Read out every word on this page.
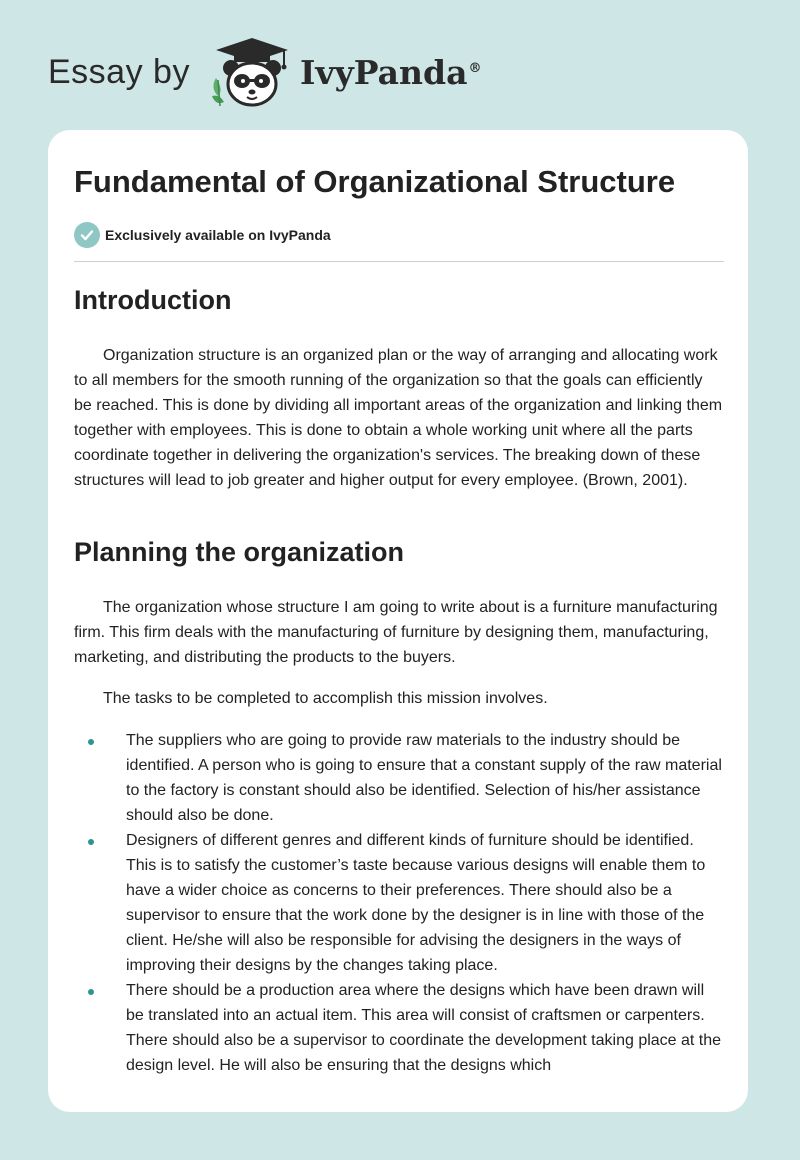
Essay by	IvyPanda®
Fundamental of Organizational Structure
Exclusively available on IvyPanda
Introduction

Organization structure is an organized plan or the way of arranging and allocating work to all members for the smooth running of the organization so that the goals can efficiently be reached. This is done by dividing all important areas of the organization and linking them together with employees. This is done to obtain a whole working unit where all the parts coordinate together in delivering the organization's services. The breaking down of these structures will lead to job greater and higher output for every employee. (Brown, 2001).

Planning the organization

The organization whose structure I am going to write about is a furniture manufacturing firm. This firm deals with the manufacturing of furniture by designing them, manufacturing, marketing, and distributing the products to the buyers.

The tasks to be completed to accomplish this mission involves.

The suppliers who are going to provide raw materials to the industry should be identified. A person who is going to ensure that a constant supply of the raw material to the factory is constant should also be identified. Selection of his/her assistance should also be done.
Designers of different genres and different kinds of furniture should be identified. This is to satisfy the customer’s taste because various designs will enable them to have a wider choice as concerns to their preferences. There should also be a supervisor to ensure that the work done by the designer is in line with those of the client. He/she will also be responsible for advising the designers in the ways of improving their designs by the changes taking place.
There should be a production area where the designs which have been drawn will be translated into an actual item. This area will consist of craftsmen or carpenters. There should also be a supervisor to coordinate the development taking place at the design level. He will also be ensuring that the designs which
